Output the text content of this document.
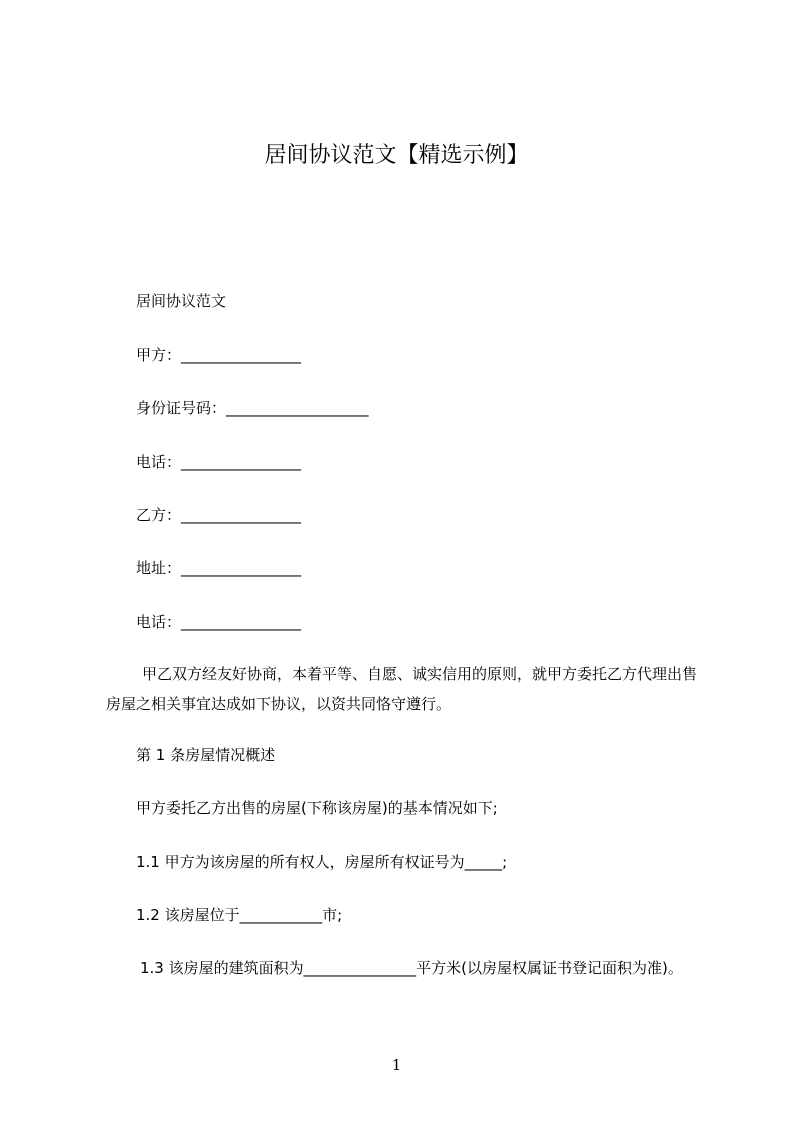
居间协议范文【精选示例】
居间协议范文
甲方：________________
身份证号码：___________________
电话：________________
乙方：________________
地址：________________
电话：________________
甲乙双方经友好协商，本着平等、自愿、诚实信用的原则，就甲方委托乙方代理出售房屋之相关事宜达成如下协议，以资共同恪守遵行。
第 1 条房屋情况概述
甲方委托乙方出售的房屋(下称该房屋)的基本情况如下;
1.1 甲方为该房屋的所有权人，房屋所有权证号为_____;
1.2 该房屋位于___________市;
1.3 该房屋的建筑面积为_______________平方米(以房屋权属证书登记面积为准)。
1
